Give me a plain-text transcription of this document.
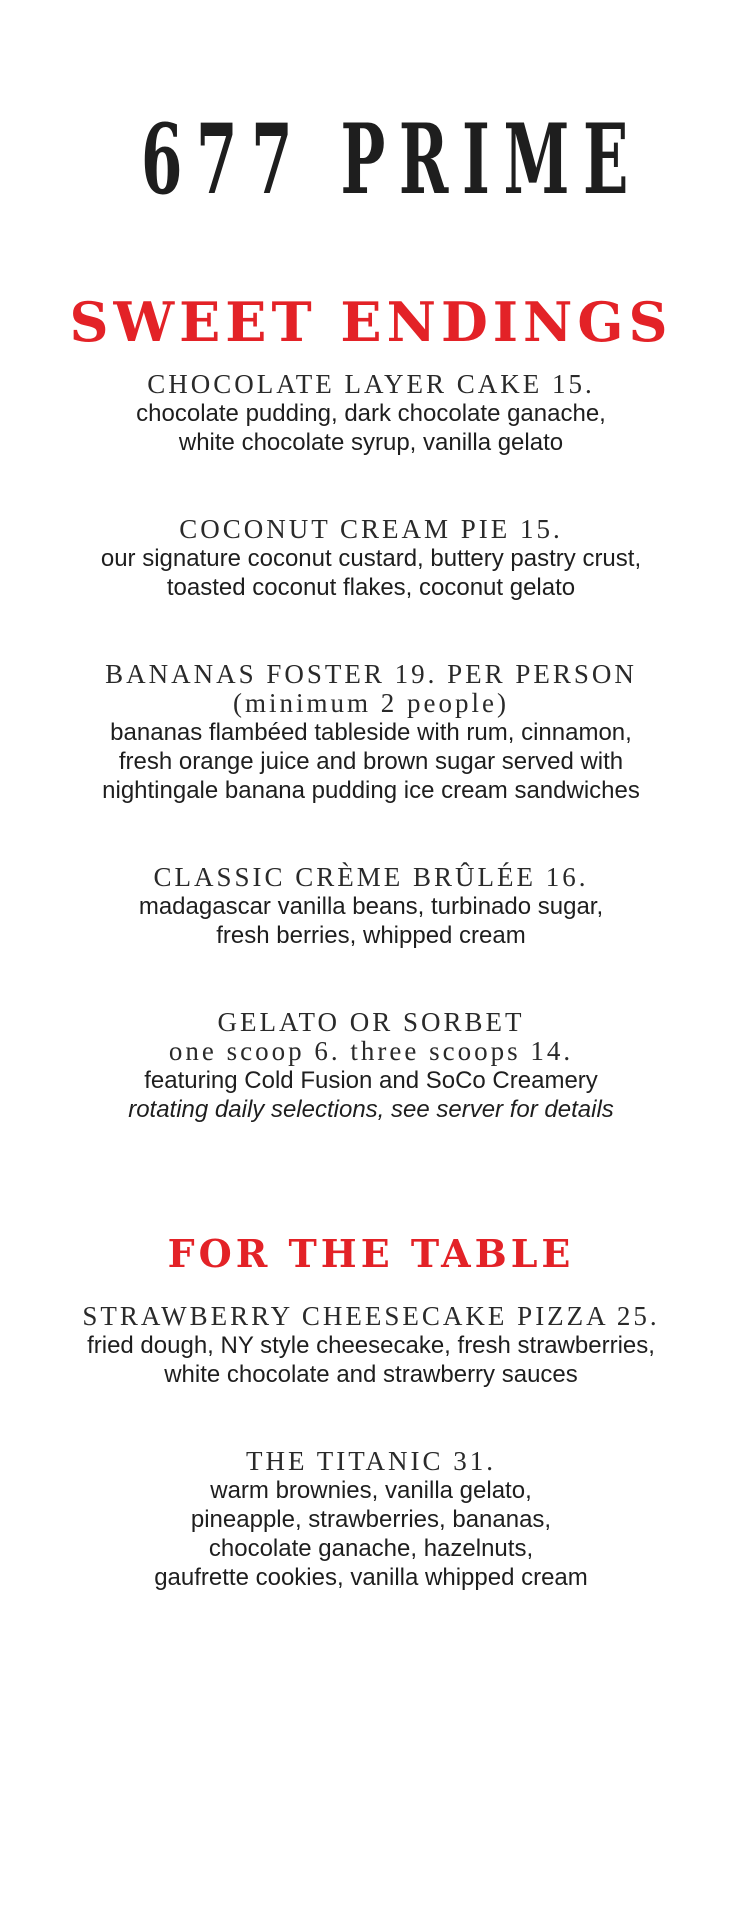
677 PRIME
SWEET ENDINGS
CHOCOLATE LAYER CAKE 15.
chocolate pudding, dark chocolate ganache,
white chocolate syrup, vanilla gelato
COCONUT CREAM PIE 15.
our signature coconut custard, buttery pastry crust,
toasted coconut flakes, coconut gelato
BANANAS FOSTER 19. PER PERSON
(minimum 2 people)
bananas flambéed tableside with rum, cinnamon,
fresh orange juice and brown sugar served with
nightingale banana pudding ice cream sandwiches
CLASSIC CRÈME BRÛLÉE 16.
madagascar vanilla beans, turbinado sugar,
fresh berries, whipped cream
GELATO OR SORBET
one scoop 6. three scoops 14.
featuring Cold Fusion and SoCo Creamery
rotating daily selections, see server for details
FOR THE TABLE
STRAWBERRY CHEESECAKE PIZZA 25.
fried dough, NY style cheesecake, fresh strawberries,
white chocolate and strawberry sauces
THE TITANIC 31.
warm brownies, vanilla gelato,
pineapple, strawberries, bananas,
chocolate ganache, hazelnuts,
gaufrette cookies, vanilla whipped cream
